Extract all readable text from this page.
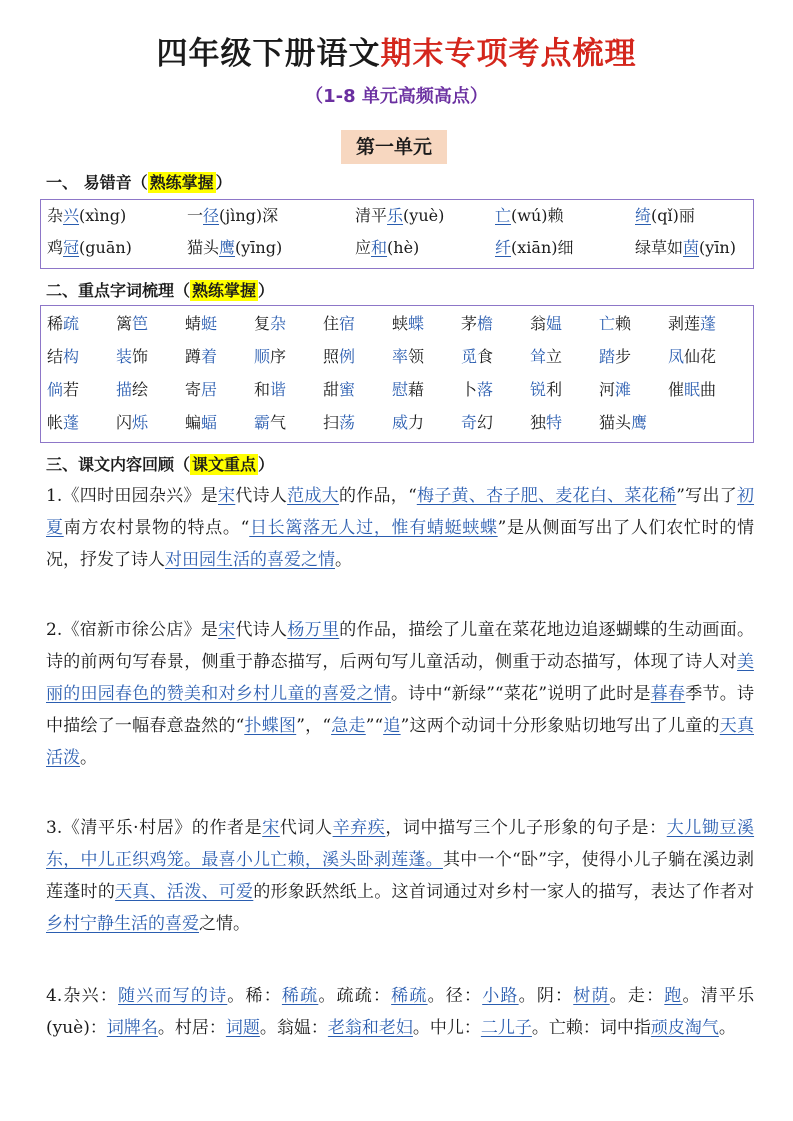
四年级下册语文期末专项考点梳理
（1-8 单元高频高点）
第一单元
一、 易错音（ 熟练掌握 ）
杂兴(xìng)	一径(jìng)深	清平乐(yuè)	亡(wú)赖	绮(qǐ)丽
鸡冠(guān)	猫头鹰(yīng)	应和(hè)	纤(xiān)细	绿草如茵(yīn)
二、重点字词梳理（ 熟练掌握 ）
稀疏 篱笆 蜻蜓 复杂 住宿 蛱蝶 茅檐 翁媪 亡赖 剥莲蓬
结构 装饰 蹲着 顺序 照例 率领 觅食 耸立 踏步 凤仙花
倘若 描绘 寄居 和谐 甜蜜 慰藉 卜落 锐利 河滩 催眠曲
帐蓬 闪烁 蝙蝠 霸气 扫荡 威力 奇幻 独特 猫头鹰
三、课文内容回顾（ 课文重点 ）
1.《四时田园杂兴》是宋代诗人范成大的作品，“梅子黄、杏子肥、麦花白、菜花稀”写出了初夏南方农村景物的特点。“日长篱落无人过，惟有蜻蜓蛱蝶”是从侧面写出了人们农忙时的情况，抒发了诗人对田园生活的喜爱之情。
2.《宿新市徐公店》是宋代诗人杨万里的作品，描绘了儿童在菜花地边追逐蝴蝶的生动画面。诗的前两句写春景，侧重于静态描写，后两句写儿童活动，侧重于动态描写，体现了诗人对美丽的田园春色的赞美和对乡村儿童的喜爱之情。诗中“新绿”“菜花”说明了此时是暮春季节。诗中描绘了一幅春意盎然的“扑蝶图”，“急走”“追”这两个动词十分形象贴切地写出了儿童的天真活泼。
3.《清平乐·村居》的作者是宋代词人辛弃疾，词中描写三个儿子形象的句子是：大儿锄豆溪东，中儿正织鸡笼。最喜小儿亡赖，溪头卧剥莲蓬。其中一个“卧”字，使得小儿子躺在溪边剥莲蓬时的天真、活泼、可爱的形象跃然纸上。这首词通过对乡村一家人的描写，表达了作者对乡村宁静生活的喜爱之情。
4.杂兴：随兴而写的诗。稀：稀疏。疏疏：稀疏。径：小路。阴：树荫。走：跑。清平乐(yuè)：词牌名。村居：词题。翁媪：老翁和老妇。中儿：二儿子。亡赖：词中指顽皮淘气。
